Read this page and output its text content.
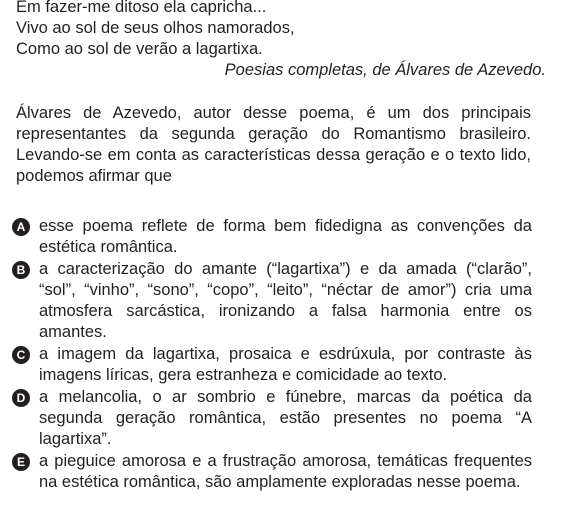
Em fazer-me ditoso ela capricha...
Vivo ao sol de seus olhos namorados,
Como ao sol de verão a lagartixa.
Poesias completas, de Álvares de Azevedo.
Álvares de Azevedo, autor desse poema, é um dos principais representantes da segunda geração do Romantismo brasileiro. Levando-se em conta as características dessa geração e o texto lido, podemos afirmar que
A esse poema reflete de forma bem fidedigna as convenções da estética romântica.
B a caracterização do amante (“lagartixa”) e da amada (“clarão”, “sol”, “vinho”, “sono”, “copo”, “leito”, “néctar de amor”) cria uma atmosfera sarcástica, ironizando a falsa harmonia entre os amantes.
C a imagem da lagartixa, prosaica e esdrúxula, por contraste às imagens líricas, gera estranheza e comicidade ao texto.
D a melancolia, o ar sombrio e fúnebre, marcas da poética da segunda geração romântica, estão presentes no poema “A lagartixa”.
E a pieguice amorosa e a frustração amorosa, temáticas frequentes na estética romântica, são amplamente exploradas nesse poema.
